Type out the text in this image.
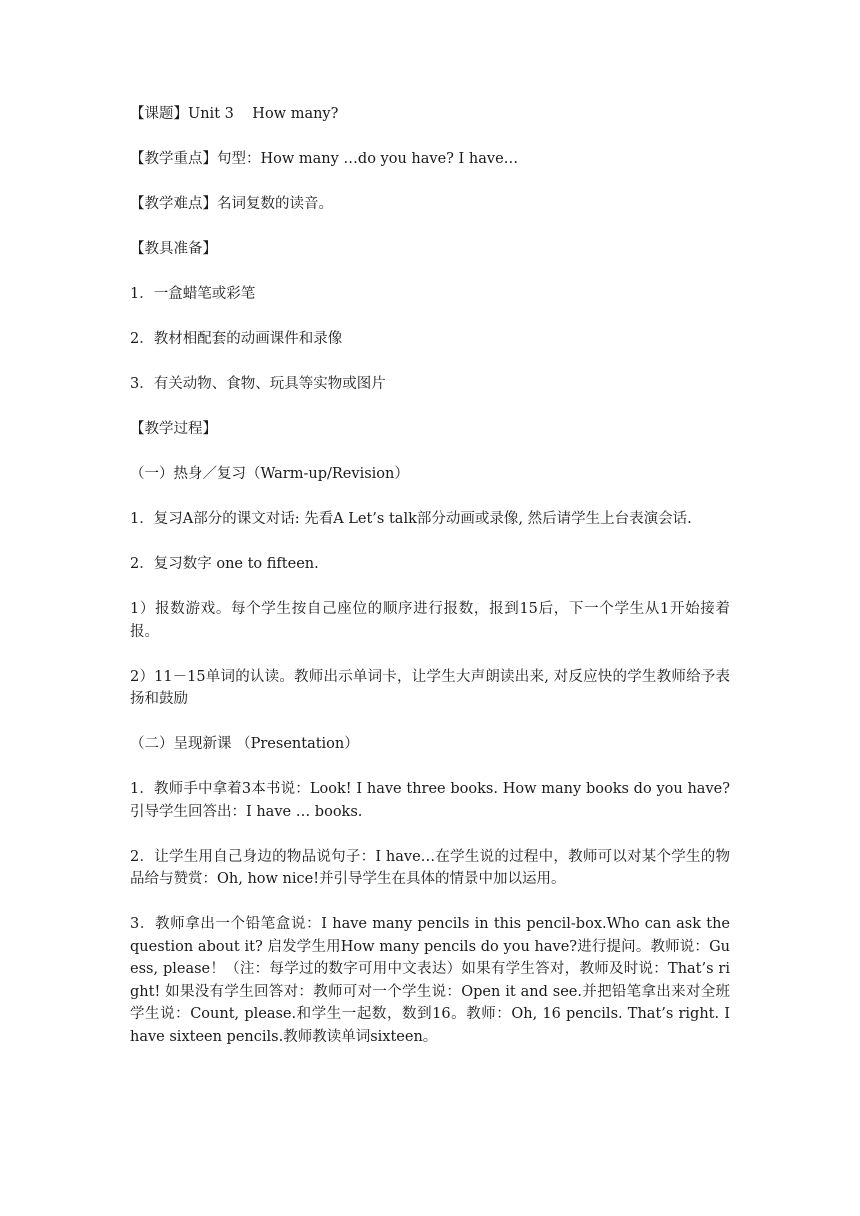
【课题】Unit 3    How many?

【教学重点】句型：How many …do you have? I have…

【教学难点】名词复数的读音。

【教具准备】

1．一盒蜡笔或彩笔

2．教材相配套的动画课件和录像

3．有关动物、食物、玩具等实物或图片

【教学过程】

（一）热身／复习（Warm-up/Revision）

1．复习A部分的课文对话: 先看A Let’s talk部分动画或录像, 然后请学生上台表演会话.

2．复习数字 one to fifteen.

1）报数游戏。每个学生按自己座位的顺序进行报数，报到15后，下一个学生从1开始接着报。

2）11－15单词的认读。教师出示单词卡，让学生大声朗读出来, 对反应快的学生教师给予表扬和鼓励

（二）呈现新课 （Presentation）

1．教师手中拿着3本书说：Look! I have three books. How many books do you have?引导学生回答出：I have … books.

2．让学生用自己身边的物品说句子：I have…在学生说的过程中，教师可以对某个学生的物品给与赞赏：Oh, how nice!并引导学生在具体的情景中加以运用。

3．教师拿出一个铅笔盒说：I have many pencils in this pencil-box.Who can ask the question about it? 启发学生用How many pencils do you have?进行提问。教师说：Guess, please！（注：每学过的数字可用中文表达）如果有学生答对，教师及时说：That’s right! 如果没有学生回答对：教师可对一个学生说：Open it and see.并把铅笔拿出来对全班学生说：Count, please.和学生一起数，数到16。教师：Oh, 16 pencils. That’s right. I have sixteen pencils.教师教读单词sixteen。
